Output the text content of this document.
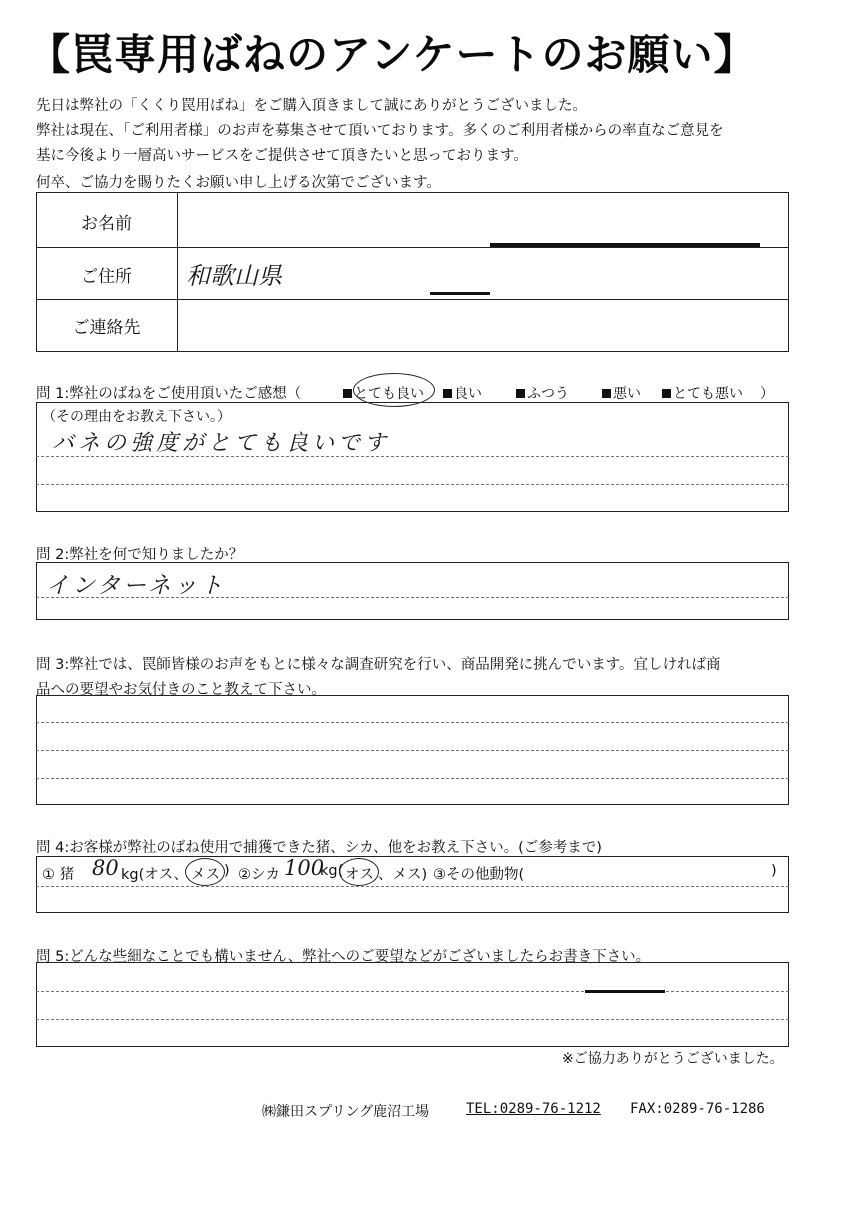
【罠専用ばねのアンケートのお願い】
先日は弊社の「くくり罠用ばね」をご購入頂きまして誠にありがとうございました。
弊社は現在、「ご利用者様」のお声を募集させて頂いております。多くのご利用者様からの率直なご意見を
基に今後より一層高いサービスをご提供させて頂きたいと思っております。
何卒、ご協力を賜りたくお願い申し上げる次第でございます。
お名前
ご住所	和歌山県
ご連絡先
問 1:弊社のばねをご使用頂いたご感想（	とても良い	良い	ふつう	悪い	とても悪い ）
（その理由をお教え下さい。）
バネの強度がとても良いです
問 2:弊社を何で知りましたか？
インターネット
問 3:弊社では、罠師皆様のお声をもとに様々な調査研究を行い、商品開発に挑んでいます。宜しければ商
品への要望やお気付きのこと教えて下さい。
問 4:お客様が弊社のばね使用で捕獲できた猪、シカ、他をお教え下さい。(ご参考まで)
① 猪 80 kg(オス、 メス ) ②シカ 100
kg( オス 、メス) ③その他動物(	)
問 5:どんな些細なことでも構いません、弊社へのご要望などがございましたらお書き下さい。
※ご協力ありがとうございました。
㈱鎌田スプリング鹿沼工場	TEL:0289-76-1212 FAX:0289-76-1286
